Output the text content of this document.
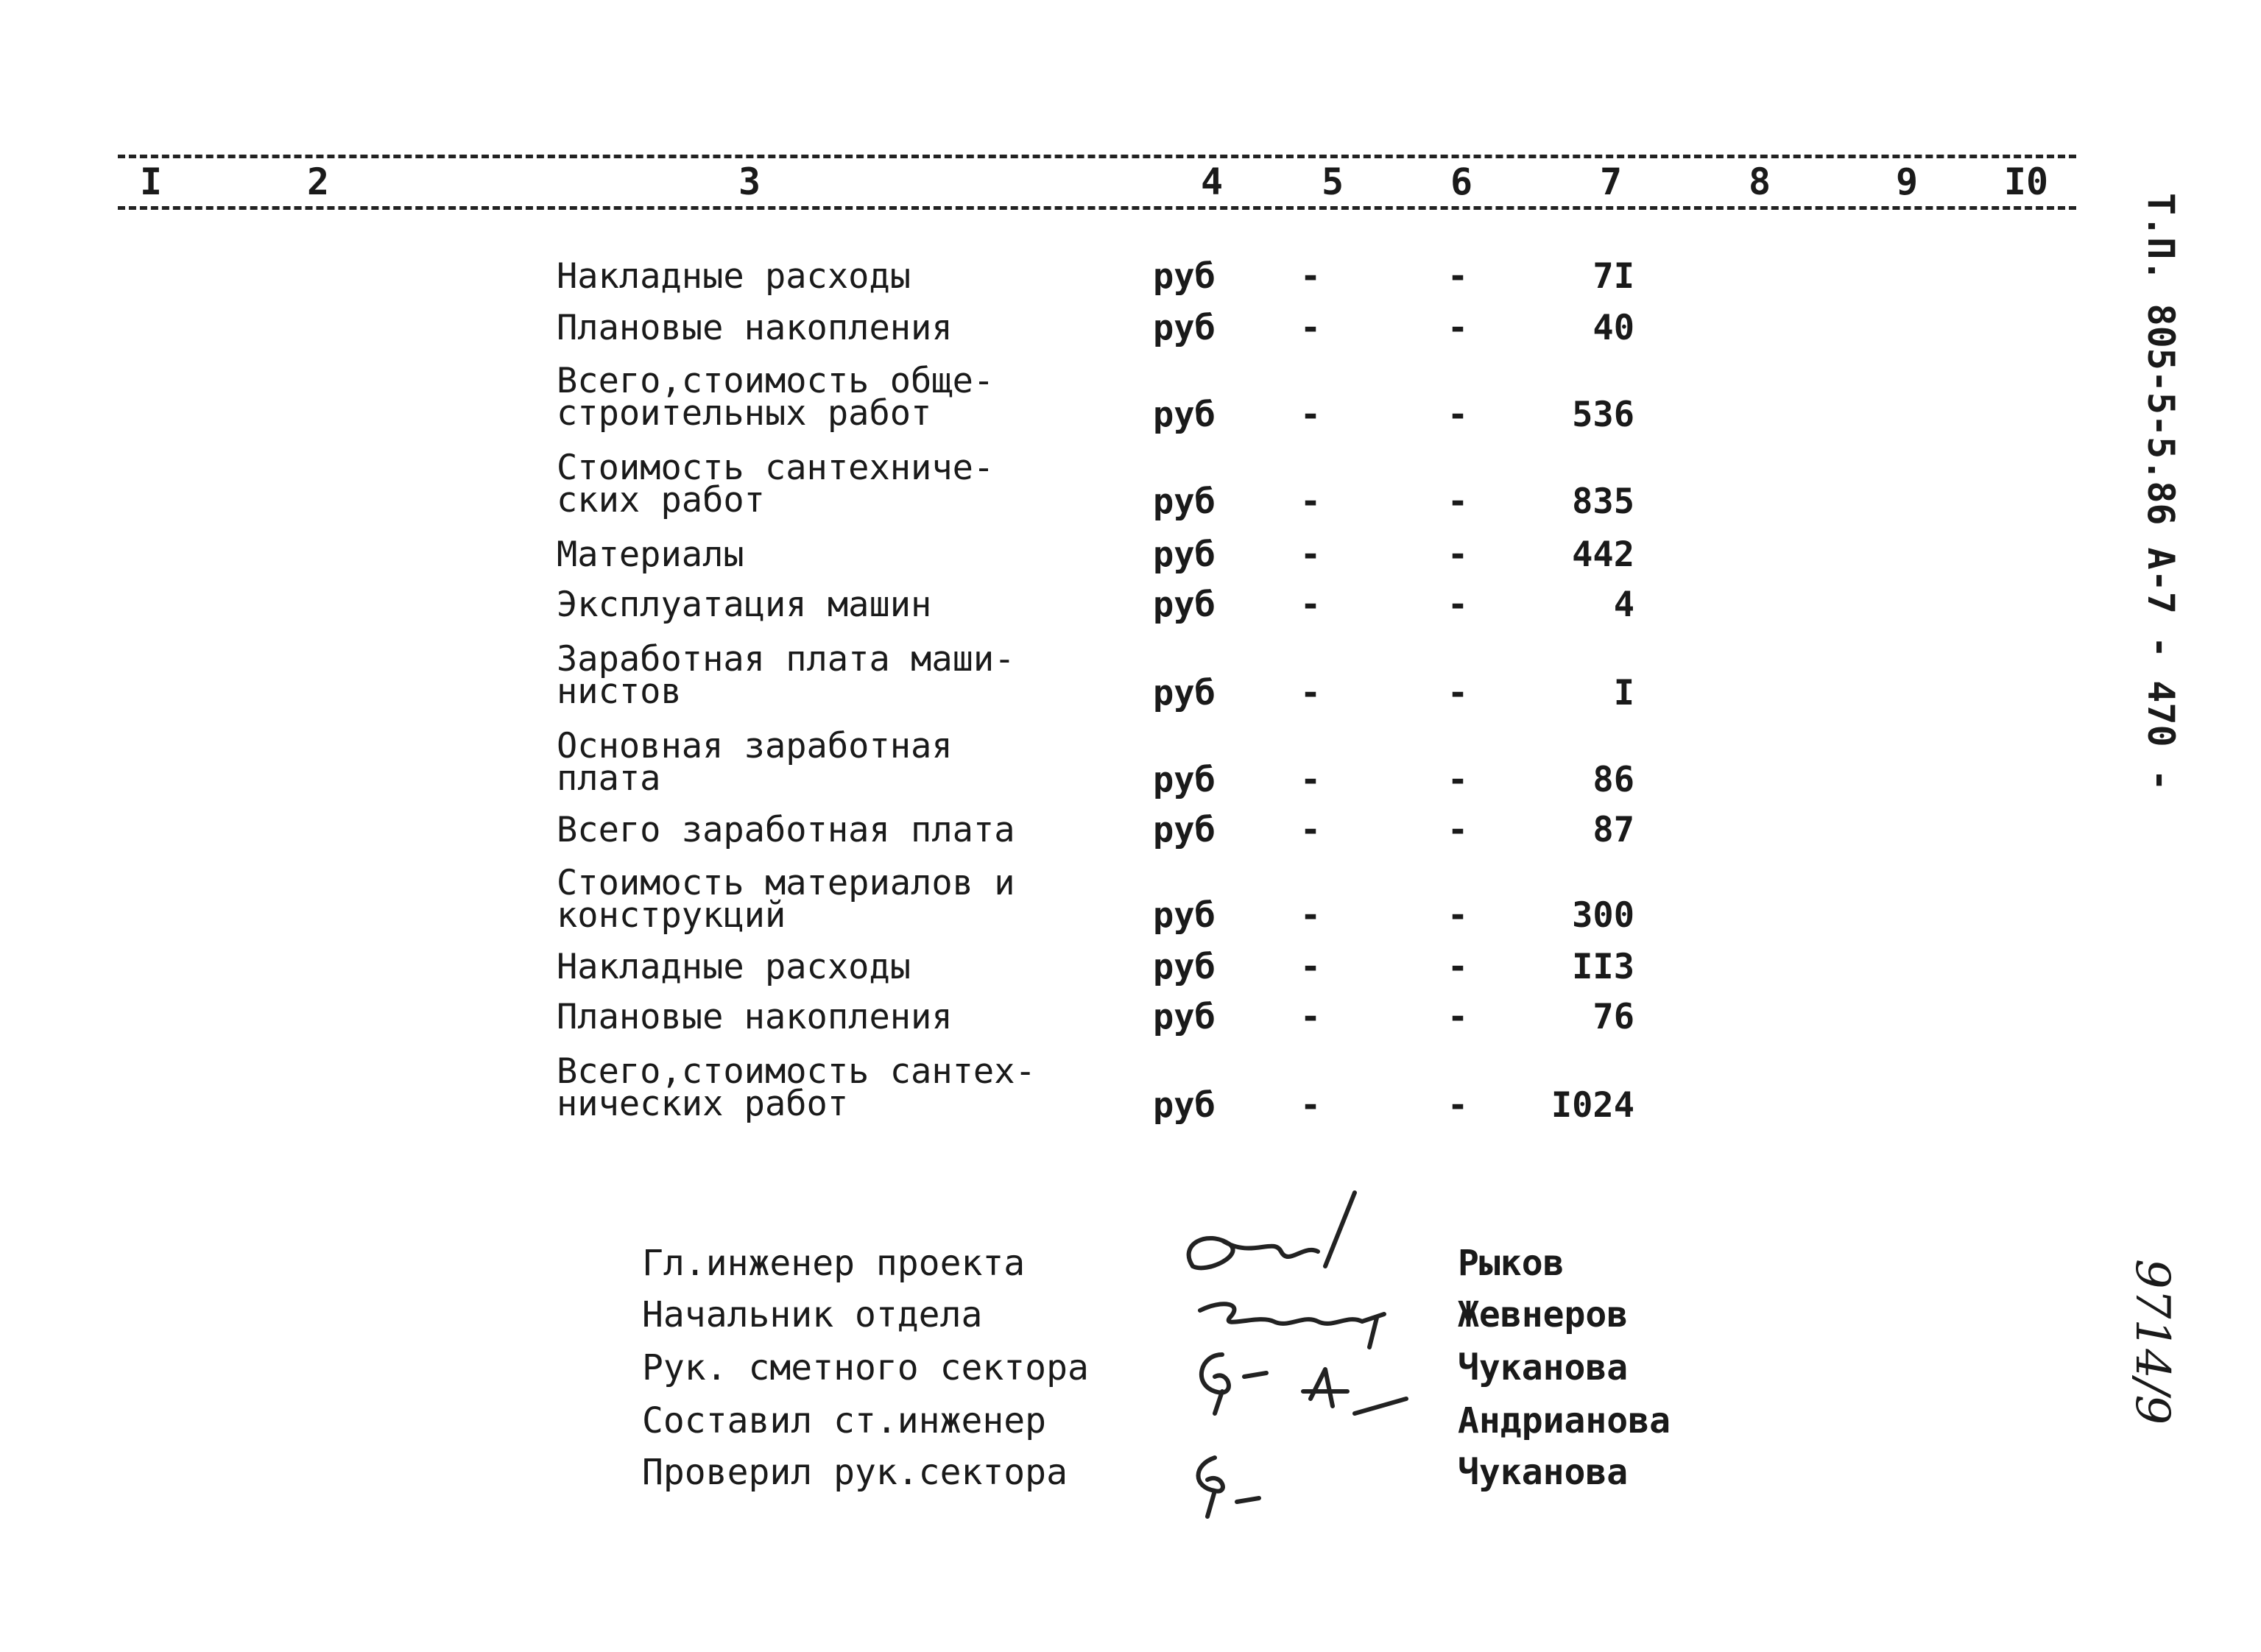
I	2	3	4	5	6	7	8	9	I0
Накладные расходы	руб	-	-	7I
Плановые накопления	руб	-	-	40
Всего,стоимость обще-
строительных работ	руб	-	-	536
Стоимость сантехниче-
ских работ	руб	-	-	835
Материалы	руб	-	-	442
Эксплуатация машин	руб	-	-	4
Заработная плата маши-
нистов	руб	-	-	I
Основная заработная
плата	руб	-	-	86
Всего заработная плата	руб	-	-	87
Стоимость материалов и
конструкций	руб	-	-	300
Накладные расходы	руб	-	-	II3
Плановые накопления	руб	-	-	76
Всего,стоимость сантех-
нических работ	руб	-	-	I024
Гл.инженер проекта	Рыков
Начальник отдела	Жевнеров
Рук. сметного сектора	Чуканова
Составил ст.инженер	Андрианова
Проверил рук.сектора	Чуканова
Т.П. 805-5-5.86 А-7 - 470 -
9714/9
